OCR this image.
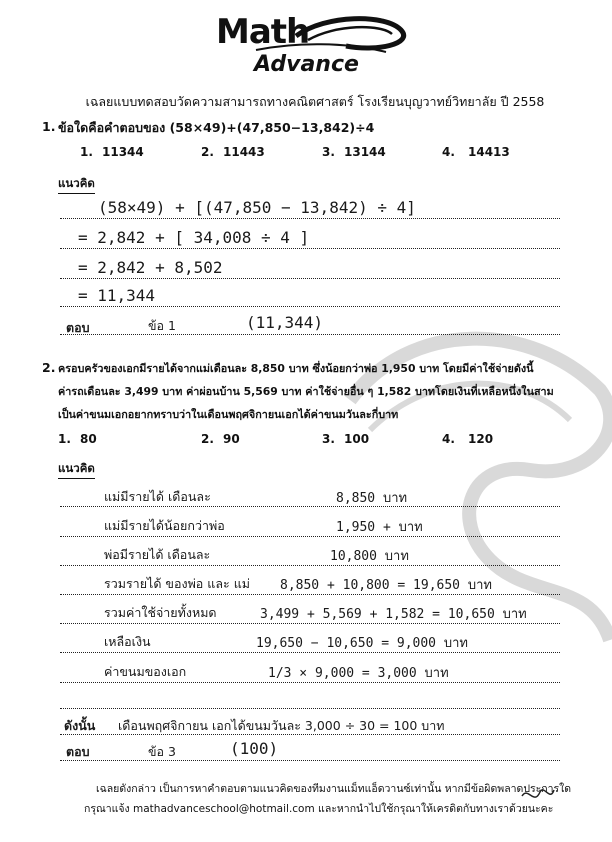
Math
Advance
เฉลยแบบทดสอบวัดความสามารถทางคณิตศาสตร์ โรงเรียนบุญวาทย์วิทยาลัย ปี 2558
1. ข้อใดคือคำตอบของ (58×49)+(47,850−13,842)÷4
1. 11344	2. 11443	3. 13144	4. 14413
แนวคิด
(58×49) + [(47,850 − 13,842) ÷ 4]
= 2,842 + [ 34,008 ÷ 4 ]
= 2,842 + 8,502
= 11,344
ตอบ	ข้อ 1	(11,344)
2. ครอบครัวของเอกมีรายได้จากแม่เดือนละ 8,850 บาท ซึ่งน้อยกว่าพ่อ 1,950 บาท โดยมีค่าใช้จ่ายดังนี้
ค่ารถเดือนละ 3,499 บาท ค่าผ่อนบ้าน 5,569 บาท ค่าใช้จ่ายอื่น ๆ 1,582 บาทโดยเงินที่เหลือหนึ่งในสาม
เป็นค่าขนมเอกอยากทราบว่าในเดือนพฤศจิกายนเอกได้ค่าขนมวันละกี่บาท
1. 80	2. 90	3. 100	4. 120
แนวคิด
แม่มีรายได้ เดือนละ	8,850 บาท
แม่มีรายได้น้อยกว่าพ่อ	1,950 + บาท
พ่อมีรายได้ เดือนละ	10,800 บาท
รวมรายได้ ของพ่อ และ แม่ 8,850 + 10,800 = 19,650 บาท
รวมค่าใช้จ่ายทั้งหมด	3,499 + 5,569 + 1,582 = 10,650 บาท
เหลือเงิน	19,650 − 10,650 = 9,000 บาท
ค่าขนมของเอก	1/3 × 9,000 = 3,000 บาท
ดังนั้น เดือนพฤศจิกายน เอกได้ขนมวันละ 3,000 ÷ 30 = 100 บาท
ตอบ	ข้อ 3	(100)
เฉลยดังกล่าว เป็นการหาคำตอบตามแนวคิดของทีมงานแม็ทแอ็ดวานซ์เท่านั้น หากมีข้อผิดพลาดประการใด
กรุณาแจ้ง mathadvanceschool@hotmail.com และหากนำไปใช้กรุณาให้เครดิตกับทางเราด้วยนะคะ
